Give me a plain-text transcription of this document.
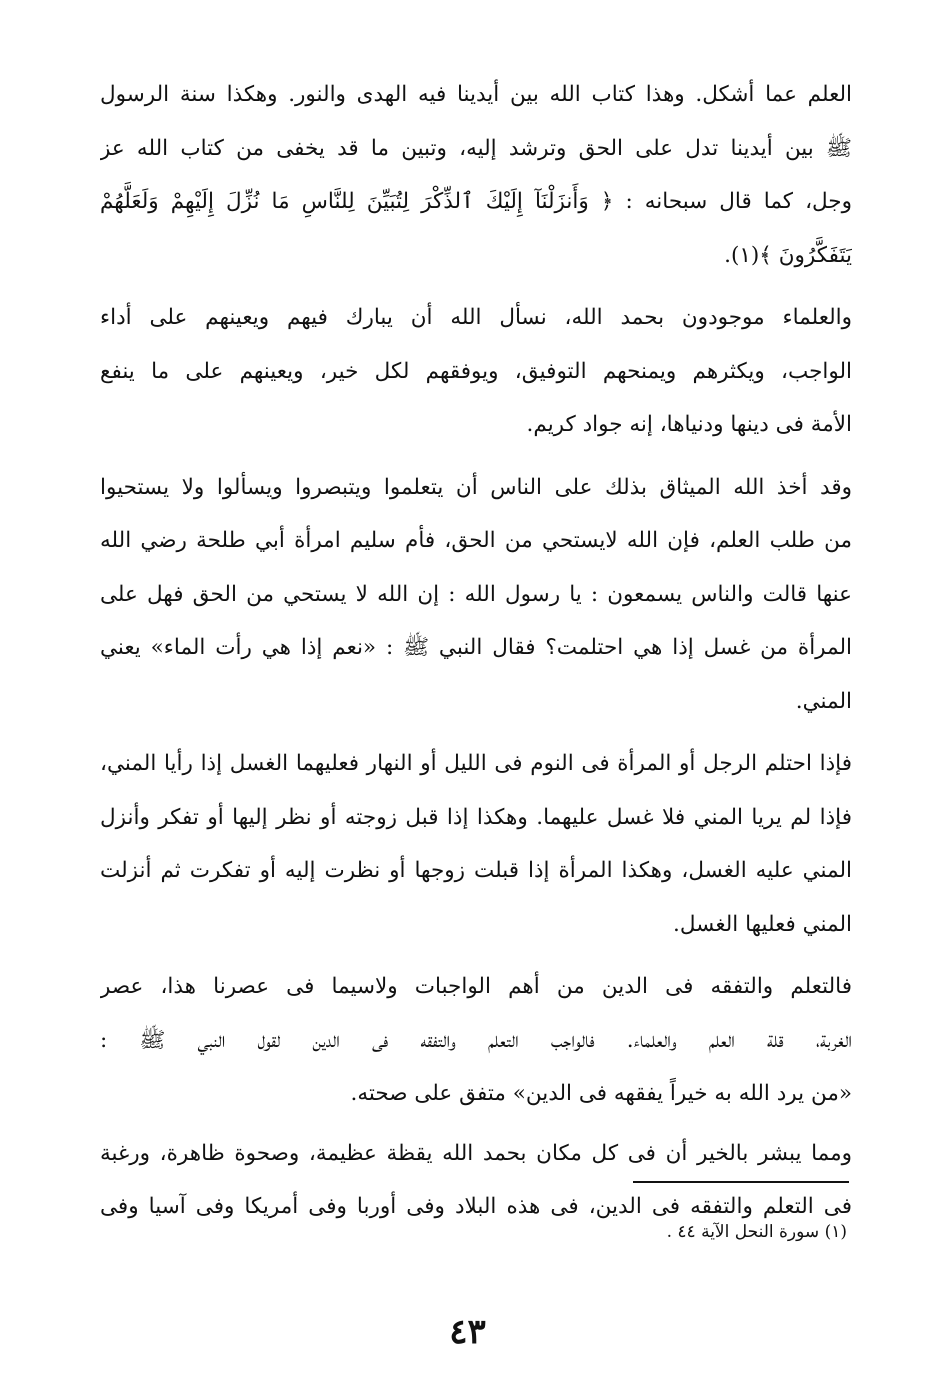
العلم عما أشكل. وهذا كتاب الله بين أيدينا فيه الهدى والنور. وهكذا سنة الرسول
ﷺ بين أيدينا تدل على الحق وترشد إليه، وتبين ما قد يخفى من كتاب الله عز
وجل، كما قال سبحانه : ﴿ وَأَنزَلْنَآ إِلَيْكَ ٱلذِّكْرَ لِتُبَيِّنَ لِلنَّاسِ مَا نُزِّلَ إِلَيْهِمْ وَلَعَلَّهُمْ
يَتَفَكَّرُونَ ﴾(١).
والعلماء موجودون بحمد الله، نسأل الله أن يبارك فيهم ويعينهم على أداء
الواجب، ويكثرهم ويمنحهم التوفيق، ويوفقهم لكل خير، ويعينهم على ما ينفع
الأمة فى دينها ودنياها، إنه جواد كريم.
وقد أخذ الله الميثاق بذلك على الناس أن يتعلموا ويتبصروا ويسألوا ولا يستحيوا
من طلب العلم، فإن الله لايستحي من الحق، فأم سليم امرأة أبي طلحة رضي الله
عنها قالت والناس يسمعون : يا رسول الله : إن الله لا يستحي من الحق فهل على
المرأة من غسل إذا هي احتلمت؟ فقال النبي ﷺ : «نعم إذا هي رأت الماء» يعني
المني.
فإذا احتلم الرجل أو المرأة فى النوم فى الليل أو النهار فعليهما الغسل إذا رأيا المني،
فإذا لم يريا المني فلا غسل عليهما. وهكذا إذا قبل زوجته أو نظر إليها أو تفكر وأنزل
المني عليه الغسل، وهكذا المرأة إذا قبلت زوجها أو نظرت إليه أو تفكرت ثم أنزلت
المني فعليها الغسل.
فالتعلم والتفقه فى الدين من أهم الواجبات ولاسيما فى عصرنا هذا، عصر
الغربة، قلة العلم والعلماء. فالواجب التعلم والتفقه فى الدين لقول النبي ﷺ :
«من يرد الله به خيراً يفقهه فى الدين» متفق على صحته.
ومما يبشر بالخير أن فى كل مكان بحمد الله يقظة عظيمة، وصحوة ظاهرة، ورغبة
فى التعلم والتفقه فى الدين، فى هذه البلاد وفى أوربا وفى أمريكا وفى آسيا وفى
(١) سورة النحل الآية ٤٤ .
٤٣
